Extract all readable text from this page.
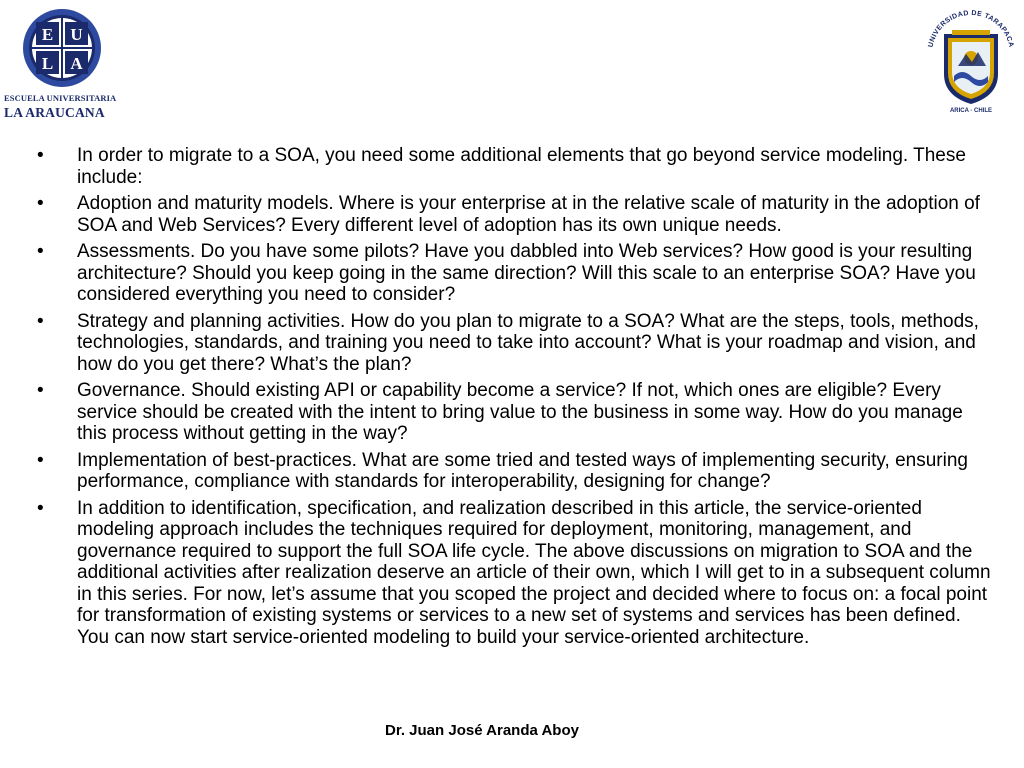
E U
L A
ESCUELA UNIVERSITARIA
LA ARAUCANA
UNIVERSIDAD DE TARAPACA
ARICA · CHILE
• In order to migrate to a SOA, you need some additional elements that go beyond service modeling. These include:
• Adoption and maturity models. Where is your enterprise at in the relative scale of maturity in the adoption of SOA and Web Services? Every different level of adoption has its own unique needs.
• Assessments. Do you have some pilots? Have you dabbled into Web services? How good is your resulting architecture? Should you keep going in the same direction? Will this scale to an enterprise SOA? Have you considered everything you need to consider?
• Strategy and planning activities. How do you plan to migrate to a SOA? What are the steps, tools, methods, technologies, standards, and training you need to take into account? What is your roadmap and vision, and how do you get there? What’s the plan?
• Governance. Should existing API or capability become a service? If not, which ones are eligible? Every service should be created with the intent to bring value to the business in some way. How do you manage this process without getting in the way?
• Implementation of best-practices. What are some tried and tested ways of implementing security, ensuring performance, compliance with standards for interoperability, designing for change?
• In addition to identification, specification, and realization described in this article, the service-oriented modeling approach includes the techniques required for deployment, monitoring, management, and governance required to support the full SOA life cycle. The above discussions on migration to SOA and the additional activities after realization deserve an article of their own, which I will get to in a subsequent column in this series. For now, let’s assume that you scoped the project and decided where to focus on: a focal point for transformation of existing systems or services to a new set of systems and services has been defined. You can now start service-oriented modeling to build your service-oriented architecture.
Dr. Juan José Aranda Aboy
